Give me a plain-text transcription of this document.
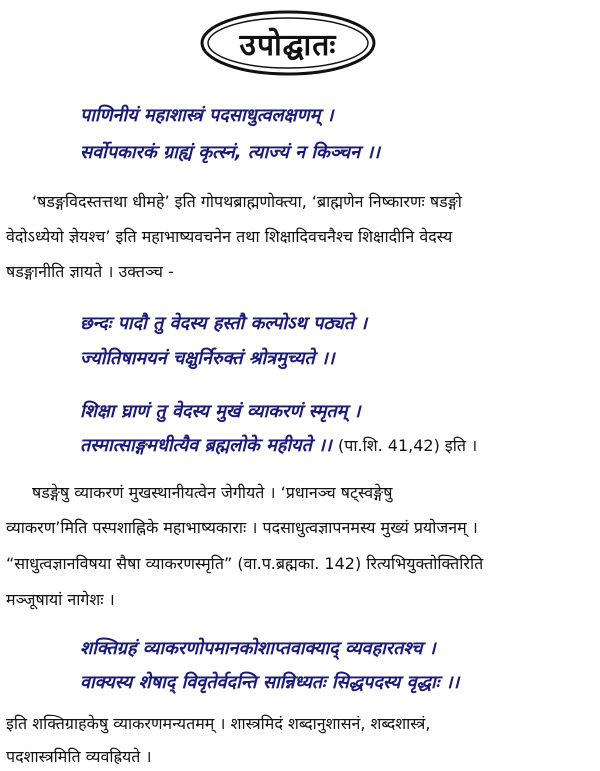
उपोद्घातः
पाणिनीयं महाशास्त्रं पदसाधुत्वलक्षणम् ।
सर्वोपकारकं ग्राह्यं कृत्स्नं, त्याज्यं न किञ्चन ।।
‘षडङ्गविदस्तत्तथा धीमहे’ इति गोपथब्राह्मणोक्त्या, ‘ब्राह्मणेन निष्कारणः षडङ्गो
वेदोऽध्येयो ज्ञेयश्च’ इति महाभाष्यवचनेन तथा शिक्षादिवचनैश्च शिक्षादीनि वेदस्य
षडङ्गानीति ज्ञायते । उक्तञ्च -
छन्दः पादौ तु वेदस्य हस्तौ कल्पोऽथ पठ्यते ।
ज्योतिषामयनं चक्षुर्निरुक्तं श्रोत्रमुच्यते ।।
शिक्षा घ्राणं तु वेदस्य मुखं व्याकरणं स्मृतम् ।
तस्मात्साङ्गमधीत्यैव ब्रह्मलोके महीयते ।। (पा.शि. 41,42) इति ।
षडङ्गेषु व्याकरणं मुखस्थानीयत्वेन जेगीयते । ‘प्रधानञ्च षट्स्वङ्गेषु
व्याकरण’मिति पस्पशाह्निके महाभाष्यकाराः । पदसाधुत्वज्ञापनमस्य मुख्यं प्रयोजनम् ।
“साधुत्वज्ञानविषया सैषा व्याकरणस्मृति” (वा.प.ब्रह्मका. 142) रित्यभियुक्तोक्तिरिति
मञ्जूषायां नागेशः ।
शक्तिग्रहं व्याकरणोपमानकोशाप्तवाक्याद् व्यवहारतश्च ।
वाक्यस्य शेषाद् विवृतेर्वदन्ति सान्निध्यतः सिद्धपदस्य वृद्धाः ।।
इति शक्तिग्राहकेषु व्याकरणमन्यतमम् । शास्त्रमिदं शब्दानुशासनं, शब्दशास्त्रं,
पदशास्त्रमिति व्यवह्रियते ।
